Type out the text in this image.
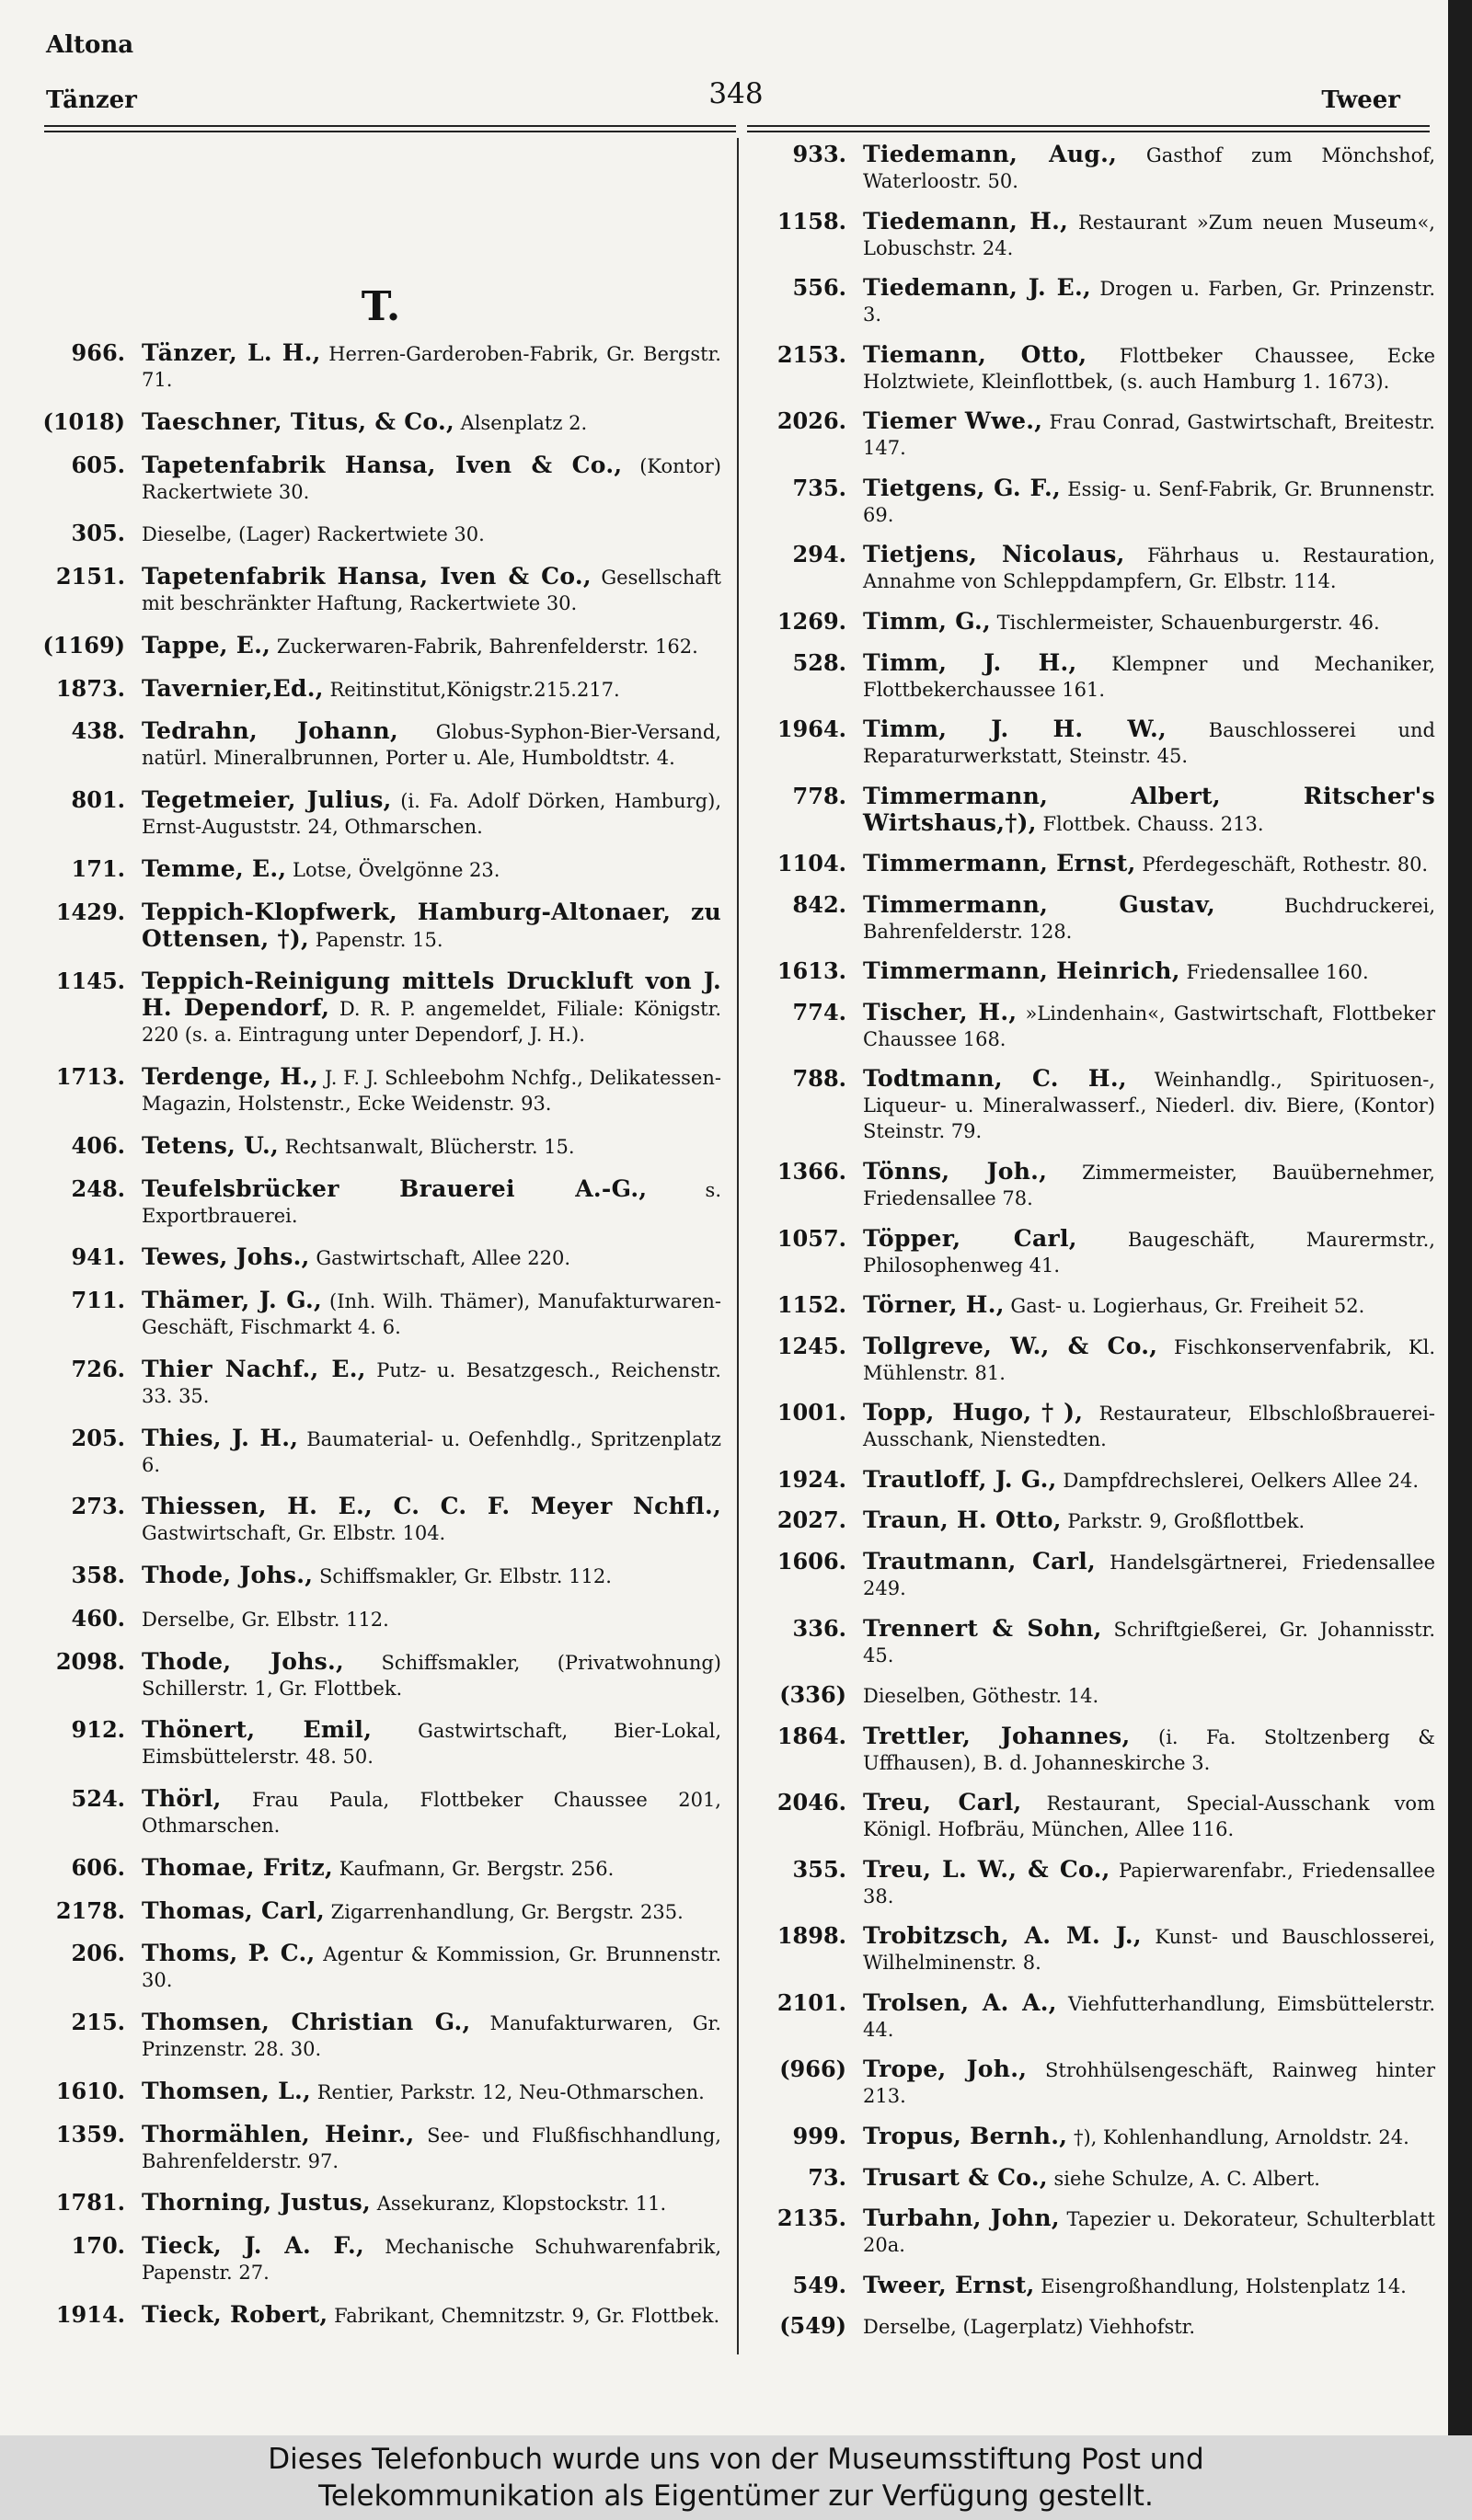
Altona
Tänzer	348	Tweer
T.
966. Tänzer, L. H., Herren-Garderoben-Fabrik, Gr. Bergstr. 71.
(1018) Taeschner, Titus, & Co., Alsenplatz 2.
605. Tapetenfabrik Hansa, Iven & Co., (Kontor) Rackertwiete 30.
305. Dieselbe, (Lager) Rackertwiete 30.
2151. Tapetenfabrik Hansa, Iven & Co., Gesellschaft mit beschränkter Haftung, Rackertwiete 30.
(1169) Tappe, E., Zuckerwaren-Fabrik, Bahrenfelderstr. 162.
1873. Tavernier,Ed., Reitinstitut,Königstr.215.217.
438. Tedrahn, Johann, Globus-Syphon-Bier-Versand, natürl. Mineralbrunnen, Porter u. Ale, Humboldtstr. 4.
801. Tegetmeier, Julius, (i. Fa. Adolf Dörken, Hamburg), Ernst-Auguststr. 24, Othmarschen.
171. Temme, E., Lotse, Övelgönne 23.
1429. Teppich-Klopfwerk, Hamburg-Altonaer, zu Ottensen, †), Papenstr. 15.
1145. Teppich-Reinigung mittels Druckluft von J. H. Dependorf, D. R. P. angemeldet, Filiale: Königstr. 220 (s. a. Eintragung unter Dependorf, J. H.).
1713. Terdenge, H., J. F. J. Schleebohm Nchfg., Delikatessen-Magazin, Holstenstr., Ecke Weidenstr. 93.
406. Tetens, U., Rechtsanwalt, Blücherstr. 15.
248. Teufelsbrücker Brauerei A.-G.,	s. Exportbrauerei.
941. Tewes, Johs., Gastwirtschaft, Allee 220.
711. Thämer, J. G., (Inh. Wilh. Thämer), Manufakturwaren-Geschäft, Fischmarkt 4. 6.
726. Thier Nachf., E., Putz- u. Besatzgesch., Reichenstr. 33. 35.
205. Thies, J. H., Baumaterial- u. Oefenhdlg., Spritzenplatz 6.
273. Thiessen, H. E., C. C. F. Meyer Nchfl., Gastwirtschaft, Gr. Elbstr. 104.
358. Thode, Johs., Schiffsmakler, Gr. Elbstr. 112.
460. Derselbe, Gr. Elbstr. 112.
2098. Thode, Johs., Schiffsmakler, (Privatwohnung) Schillerstr. 1, Gr. Flottbek.
912. Thönert, Emil, Gastwirtschaft, Bier-Lokal, Eimsbüttelerstr. 48. 50.
524. Thörl, Frau Paula, Flottbeker Chaussee 201, Othmarschen.
606. Thomae, Fritz, Kaufmann, Gr. Bergstr. 256.
2178. Thomas, Carl, Zigarrenhandlung, Gr. Bergstr. 235.
206. Thoms, P. C., Agentur & Kommission, Gr. Brunnenstr. 30.
215. Thomsen, Christian G., Manufakturwaren, Gr. Prinzenstr. 28. 30.
1610. Thomsen, L., Rentier, Parkstr. 12, Neu-Othmarschen.
1359. Thormählen, Heinr., See- und Flußfischhandlung, Bahrenfelderstr. 97.
1781. Thorning, Justus, Assekuranz, Klopstockstr. 11.
170. Tieck, J. A. F., Mechanische Schuhwarenfabrik, Papenstr. 27.
1914. Tieck, Robert, Fabrikant, Chemnitzstr. 9, Gr. Flottbek.
933. Tiedemann, Aug., Gasthof zum Mönchshof, Waterloostr. 50.
1158. Tiedemann, H., Restaurant »Zum neuen Museum«, Lobuschstr. 24.
556. Tiedemann, J. E., Drogen u. Farben, Gr. Prinzenstr. 3.
2153. Tiemann, Otto, Flottbeker Chaussee, Ecke Holztwiete, Kleinflottbek, (s. auch Hamburg 1. 1673).
2026. Tiemer Wwe., Frau Conrad, Gastwirtschaft, Breitestr. 147.
735. Tietgens, G. F., Essig- u. Senf-Fabrik, Gr. Brunnenstr. 69.
294. Tietjens, Nicolaus, Fährhaus u. Restauration, Annahme von Schleppdampfern, Gr. Elbstr. 114.
1269. Timm, G., Tischlermeister, Schauenburgerstr. 46.
528. Timm, J. H., Klempner und Mechaniker, Flottbekerchaussee 161.
1964. Timm, J. H. W., Bauschlosserei und Reparaturwerkstatt, Steinstr. 45.
778. Timmermann, Albert, Ritscher's Wirtshaus,†), Flottbek. Chauss. 213.
1104. Timmermann, Ernst, Pferdegeschäft, Rothestr. 80.
842. Timmermann, Gustav,	Buchdruckerei, Bahrenfelderstr. 128.
1613. Timmermann, Heinrich, Friedensallee 160.
774. Tischer, H., »Lindenhain«, Gastwirtschaft, Flottbeker Chaussee 168.
788. Todtmann, C. H., Weinhandlg., Spirituosen-, Liqueur- u. Mineralwasserf., Niederl. div. Biere, (Kontor) Steinstr. 79.
1366. Tönns, Joh., Zimmermeister, Bauübernehmer, Friedensallee 78.
1057. Töpper, Carl,	Baugeschäft, Maurermstr., Philosophenweg 41.
1152. Törner, H., Gast- u. Logierhaus, Gr. Freiheit 52.
1245. Tollgreve, W., & Co., Fischkonservenfabrik, Kl. Mühlenstr. 81.
1001. Topp, Hugo,†), Restaurateur, Elbschloßbrauerei-Ausschank, Nienstedten.
1924. Trautloff, J. G., Dampfdrechslerei, Oelkers Allee 24.
2027. Traun, H. Otto, Parkstr. 9, Großflottbek.
1606. Trautmann, Carl, Handelsgärtnerei, Friedensallee 249.
336. Trennert & Sohn, Schriftgießerei, Gr. Johannisstr. 45.
(336) Dieselben, Göthestr. 14.
1864. Trettler, Johannes, (i. Fa. Stoltzenberg & Uffhausen), B. d. Johanneskirche 3.
2046. Treu, Carl, Restaurant, Special-Ausschank vom Königl. Hofbräu, München, Allee 116.
355. Treu, L. W., & Co., Papierwarenfabr., Friedensallee 38.
1898. Trobitzsch, A. M. J., Kunst- und Bauschlosserei, Wilhelminenstr. 8.
2101. Trolsen, A. A., Viehfutterhandlung, Eimsbüttelerstr. 44.
(966) Trope, Joh., Strohhülsengeschäft, Rainweg hinter 213.
999. Tropus, Bernh., †), Kohlenhandlung, Arnoldstr. 24.
73. Trusart & Co., siehe Schulze, A. C. Albert.
2135. Turbahn, John, Tapezier u. Dekorateur, Schulterblatt 20a.
549. Tweer, Ernst, Eisengroßhandlung, Holstenplatz 14.
(549) Derselbe, (Lagerplatz) Viehhofstr.
Dieses Telefonbuch wurde uns von der Museumsstiftung Post und
Telekommunikation als Eigentümer zur Verfügung gestellt.
